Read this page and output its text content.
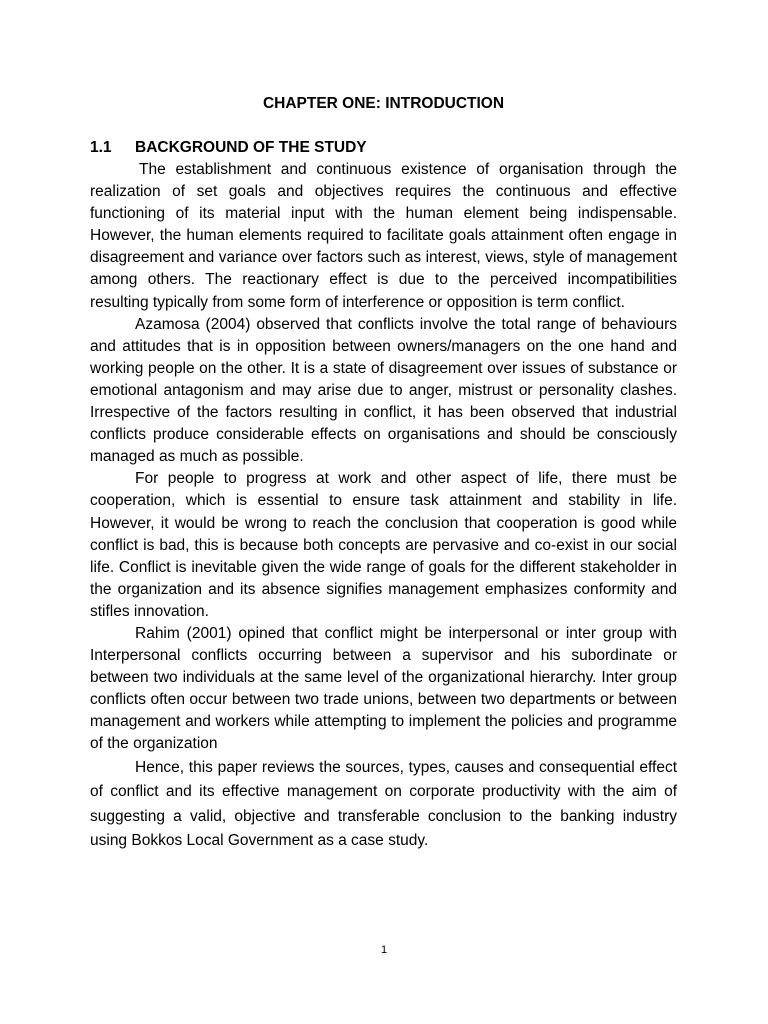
CHAPTER ONE: INTRODUCTION
1.1	BACKGROUND OF THE STUDY

The establishment and continuous existence of organisation through the realization of set goals and objectives requires the continuous and effective functioning of its material input with the human element being indispensable. However, the human elements required to facilitate goals attainment often engage in disagreement and variance over factors such as interest, views, style of management among others. The reactionary effect is due to the perceived incompatibilities resulting typically from some form of interference or opposition is term conflict.

Azamosa (2004) observed that conflicts involve the total range of behaviours and attitudes that is in opposition between owners/managers on the one hand and working people on the other. It is a state of disagreement over issues of substance or emotional antagonism and may arise due to anger, mistrust or personality clashes. Irrespective of the factors resulting in conflict, it has been observed that industrial conflicts produce considerable effects on organisations and should be consciously managed as much as possible.

For people to progress at work and other aspect of life, there must be cooperation, which is essential to ensure task attainment and stability in life. However, it would be wrong to reach the conclusion that cooperation is good while conflict is bad, this is because both concepts are pervasive and co-exist in our social life. Conflict is inevitable given the wide range of goals for the different stakeholder in the organization and its absence signifies management emphasizes conformity and stifles innovation.

Rahim (2001) opined that conflict might be interpersonal or inter group with Interpersonal conflicts occurring between a supervisor and his subordinate or between two individuals at the same level of the organizational hierarchy. Inter group conflicts often occur between two trade unions, between two departments or between management and workers while attempting to implement the policies and programme of the organization

Hence, this paper reviews the sources, types, causes and consequential effect of conflict and its effective management on corporate productivity with the aim of suggesting a valid, objective and transferable conclusion to the banking industry using Bokkos Local Government as a case study.

1
